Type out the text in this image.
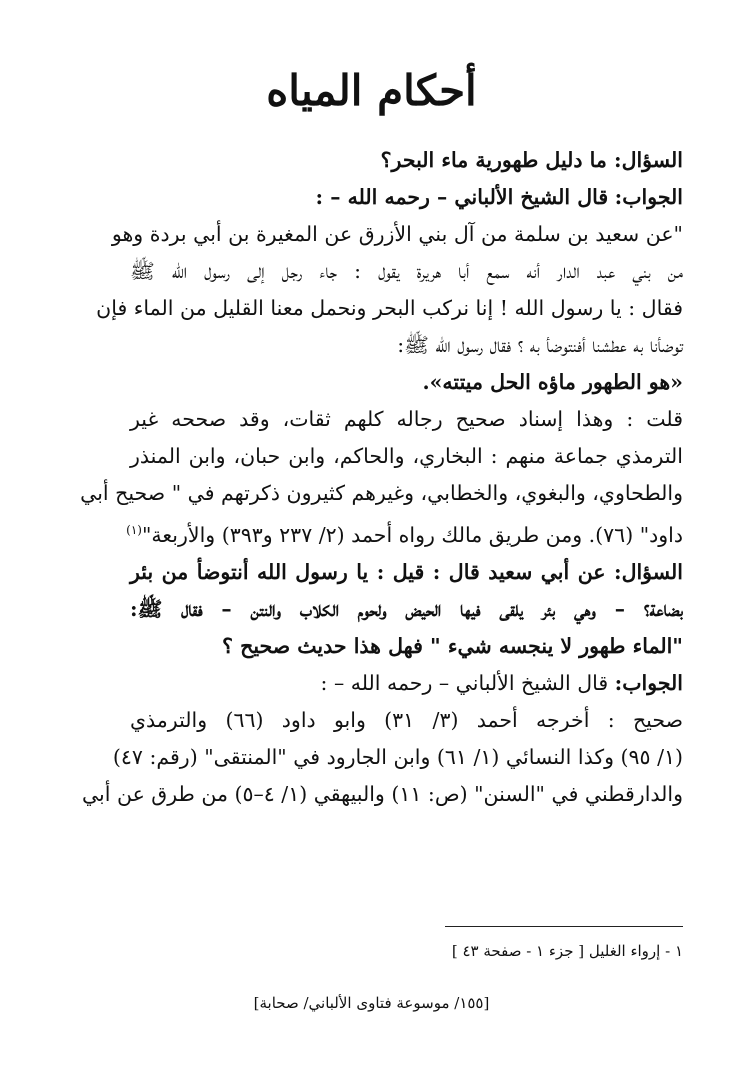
أحكام المياه

السؤال: ما دليل طهورية ماء البحر؟

الجواب: قال الشيخ الألباني – رحمه الله – :

"عن سعيد بن سلمة من آل بني الأزرق عن المغيرة بن أبي بردة وهو
من بني عبد الدار أنه سمع أبا هريرة يقول : جاء رجل إلى رسول الله ﷺ
فقال : يا رسول الله ! إنا نركب البحر ونحمل معنا القليل من الماء فإن
توضأنا به عطشنا أفنتوضأ به ؟ فقال رسول الله ﷺ:
«هو الطهور ماؤه الحل ميتته».

قلت : وهذا إسناد صحيح رجاله كلهم ثقات، وقد صححه غير
الترمذي جماعة منهم : البخاري، والحاكم، وابن حبان، وابن المنذر
والطحاوي، والبغوي، والخطابي، وغيرهم كثيرون ذكرتهم في " صحيح أبي
داود" (٧٦). ومن طريق مالك رواه أحمد (٢/ ٢٣٧ و٣٩٣) والأربعة"$^{(١)}$

السؤال: عن أبي سعيد قال : قيل : يا رسول الله أنتوضأ من بئر
بضاعة؟ – وهي بئر يلقى فيها الحيض ولحوم الكلاب والنتن – فقال ﷺ:
"الماء طهور لا ينجسه شيء " فهل هذا حديث صحيح ؟

الجواب: قال الشيخ الألباني – رحمه الله – :

صحيح : أخرجه أحمد (٣/ ٣١) وابو داود (٦٦) والترمذي
(١/ ٩٥) وكذا النسائي (١/ ٦١) وابن الجارود في "المنتقى" (رقم: ٤٧)
والدارقطني في "السنن" (ص: ١١) والبيهقي (١/ ٤–٥) من طرق عن أبي

١ - إرواء الغليل [ جزء ١ - صفحة ٤٣ ]
[١٥٥/ موسوعة فتاوى الألباني/ صحابة]
